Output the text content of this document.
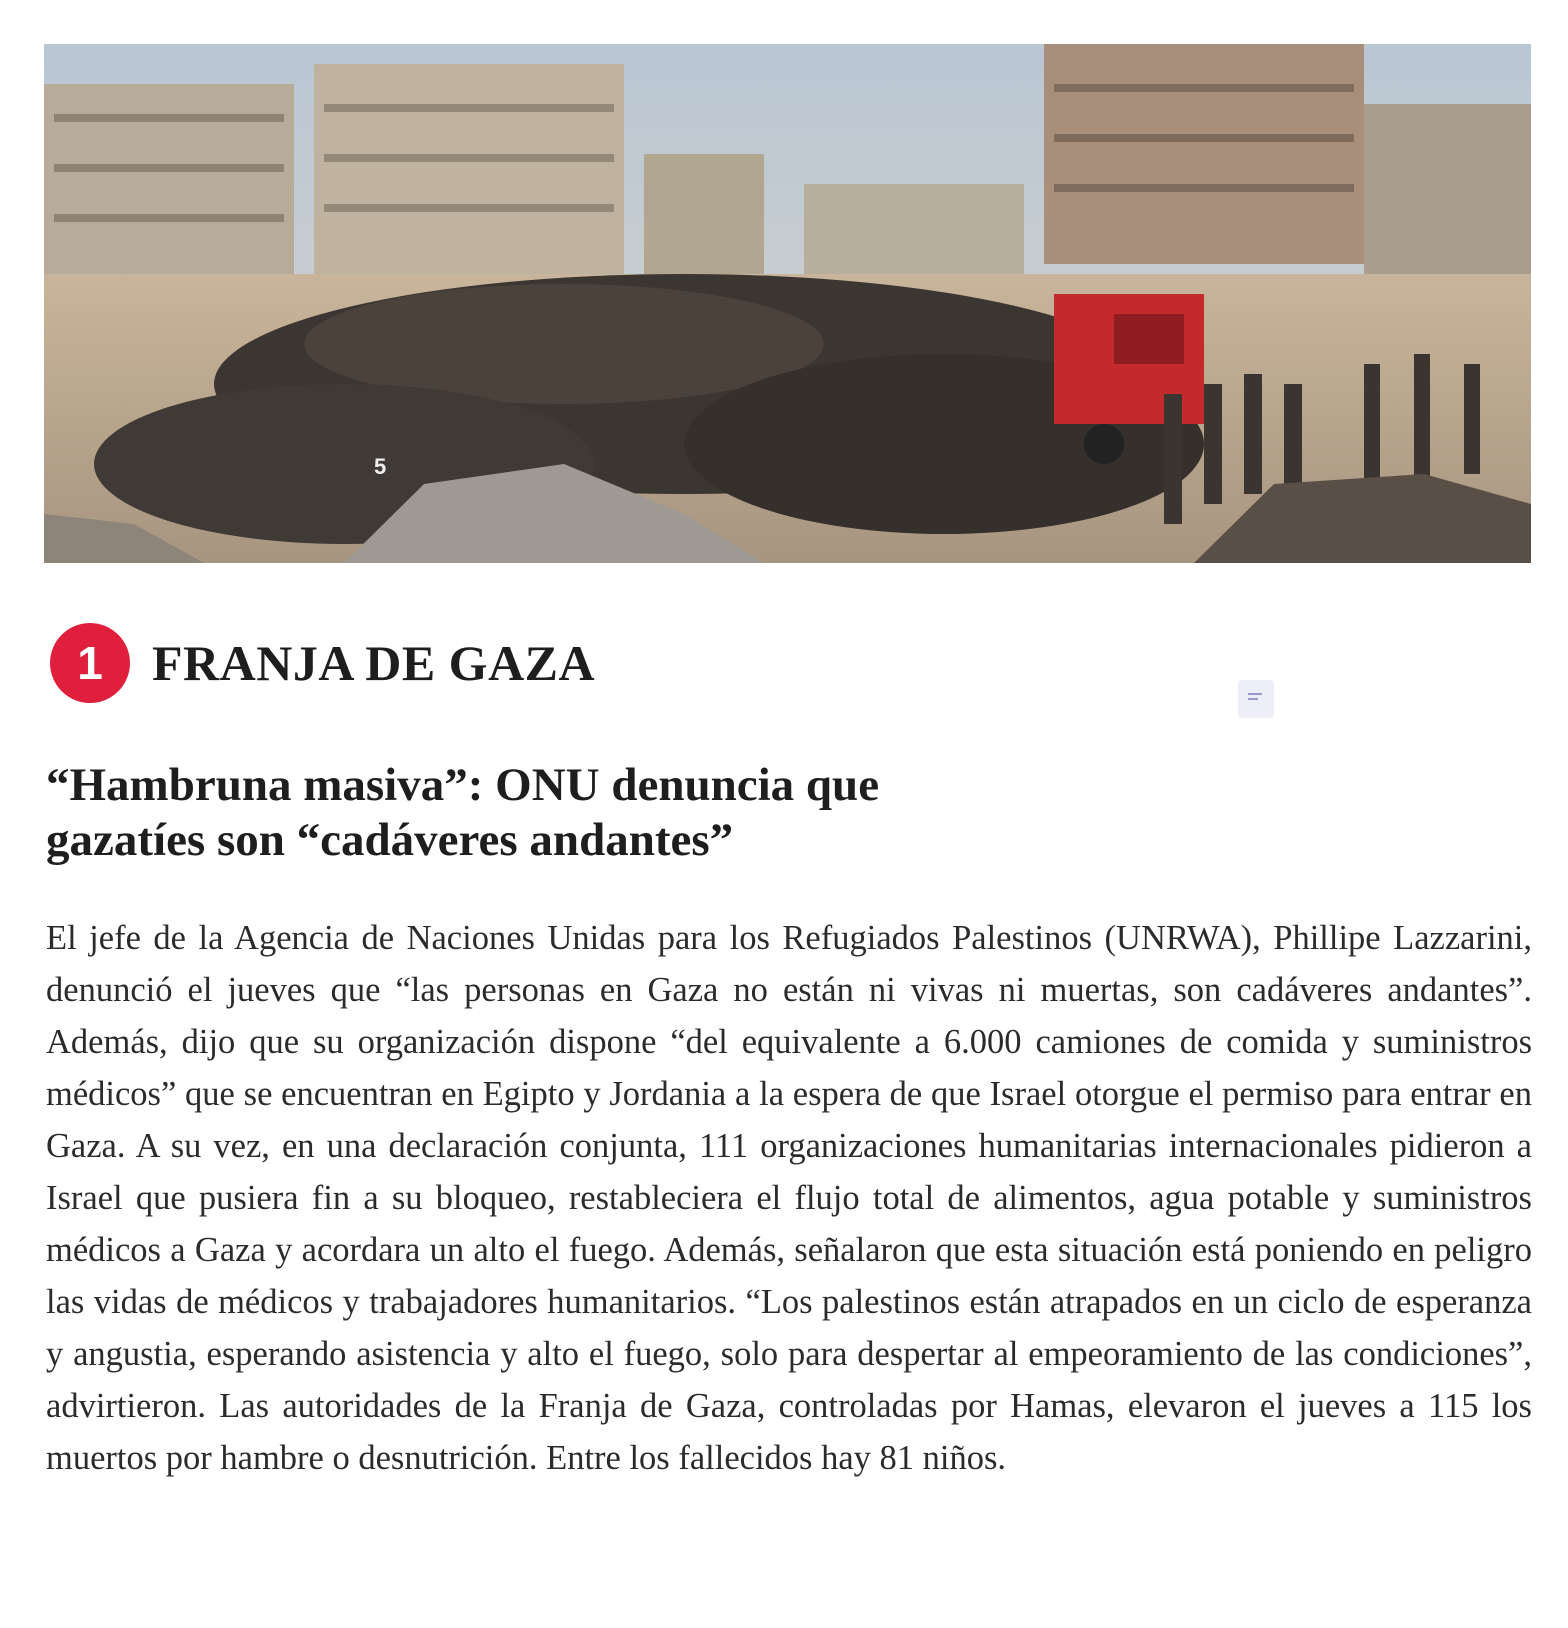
5
1 FRANJA DE GAZA
“Hambruna masiva”: ONU denuncia que
gazatíes son “cadáveres andantes”

El jefe de la Agencia de Naciones Unidas para los Refugiados Palestinos (UNRWA), Phillipe Lazzarini, denunció el jueves que “las personas en Gaza no están ni vivas ni muertas, son cadáveres andantes”. Además, dijo que su organización dispone “del equivalente a 6.000 camiones de comida y suministros médicos” que se encuentran en Egipto y Jordania a la espera de que Israel otorgue el permiso para entrar en Gaza. A su vez, en una declaración conjunta, 111 organizaciones humanitarias internacionales pidieron a Israel que pusiera fin a su bloqueo, restableciera el flujo total de alimentos, agua potable y suministros médicos a Gaza y acordara un alto el fuego. Además, señalaron que esta situación está poniendo en peligro las vidas de médicos y trabajadores humanitarios. “Los palestinos están atrapados en un ciclo de esperanza y angustia, esperando asistencia y alto el fuego, solo para despertar al empeoramiento de las condiciones”, advirtieron. Las autoridades de la Franja de Gaza, controladas por Hamas, elevaron el jueves a 115 los muertos por hambre o desnutrición. Entre los fallecidos hay 81 niños.
